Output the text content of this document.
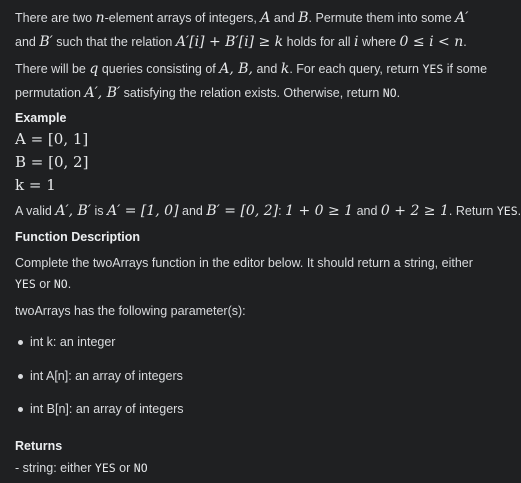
There are two n-element arrays of integers, A and B. Permute them into some A′
and B′ such that the relation A′[i] + B′[i] ≥ k holds for all i where 0 ≤ i < n.
There will be q queries consisting of A, B, and k. For each query, return YES if some
permutation A′, B′ satisfying the relation exists. Otherwise, return NO.
Example
A = [0, 1]
B = [0, 2]
k = 1
A valid A′, B′ is A′ = [1, 0] and B′ = [0, 2]: 1 + 0 ≥ 1 and 0 + 2 ≥ 1. Return YES.
Function Description
Complete the twoArrays function in the editor below. It should return a string, either
YES or NO.
twoArrays has the following parameter(s):
int k: an integer
int A[n]: an array of integers
int B[n]: an array of integers
Returns
- string: either YES or NO
